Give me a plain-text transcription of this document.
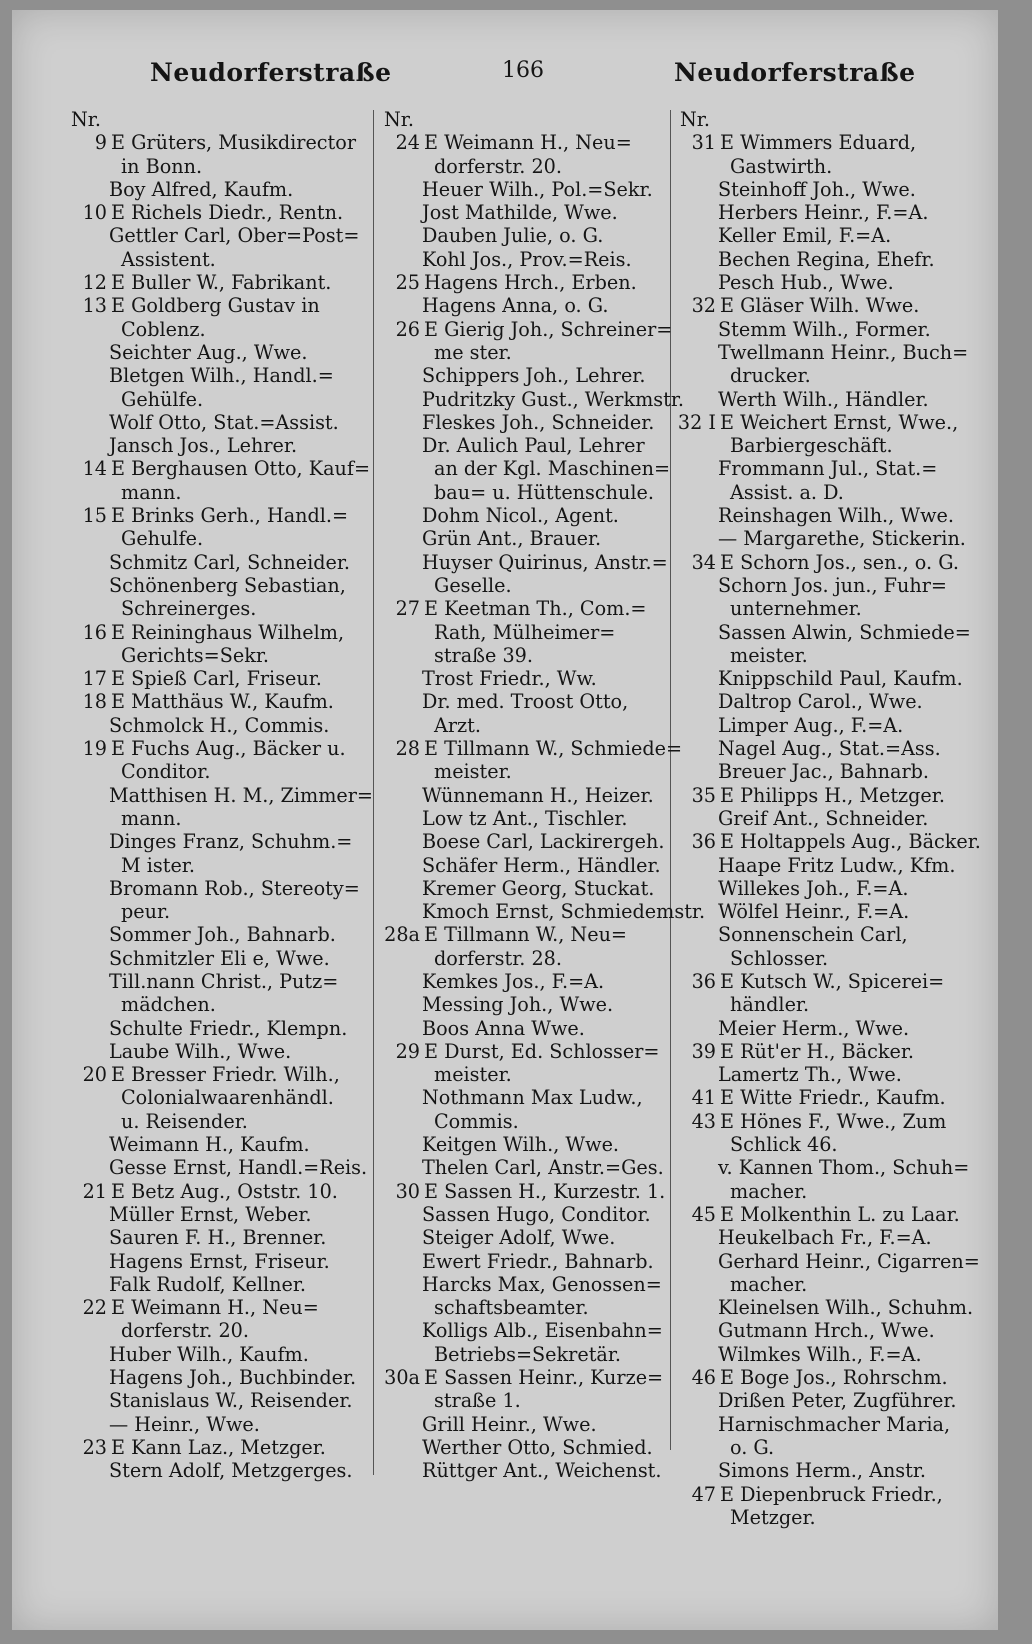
Neudorferstraße	166	Neudorferstraße
Nr.
9 E Grüters, Musikdirector
in Bonn.
Boy Alfred, Kaufm.
10 E Richels Diedr., Rentn.
Gettler Carl, Ober=Post=
Assistent.
12 E Buller W., Fabrikant.
13 E Goldberg Gustav in
Coblenz.
Seichter Aug., Wwe.
Bletgen Wilh., Handl.=
Gehülfe.
Wolf Otto, Stat.=Assist.
Jansch Jos., Lehrer.
14 E Berghausen Otto, Kauf=
mann.
15 E Brinks Gerh., Handl.=
Gehulfe.
Schmitz Carl, Schneider.
Schönenberg Sebastian,
Schreinerges.
16 E Reininghaus Wilhelm,
Gerichts=Sekr.
17 E Spieß Carl, Friseur.
18 E Matthäus W., Kaufm.
Schmolck H., Commis.
19 E Fuchs Aug., Bäcker u.
Conditor.
Matthisen H. M., Zimmer=
mann.
Dinges Franz, Schuhm.=
M ister.
Bromann Rob., Stereoty=
peur.
Sommer Joh., Bahnarb.
Schmitzler Eli e, Wwe.
Till.nann Christ., Putz=
mädchen.
Schulte Friedr., Klempn.
Laube Wilh., Wwe.
20 E Bresser Friedr. Wilh.,
Colonialwaarenhändl.
u. Reisender.
Weimann H., Kaufm.
Gesse Ernst, Handl.=Reis.
21 E Betz Aug., Oststr. 10.
Müller Ernst, Weber.
Sauren F. H., Brenner.
Hagens Ernst, Friseur.
Falk Rudolf, Kellner.
22 E Weimann H., Neu=
dorferstr. 20.
Huber Wilh., Kaufm.
Hagens Joh., Buchbinder.
Stanislaus W., Reisender.
— Heinr., Wwe.
23 E Kann Laz., Metzger.
Stern Adolf, Metzgerges.
Nr.
24 E Weimann H., Neu=
dorferstr. 20.
Heuer Wilh., Pol.=Sekr.
Jost Mathilde, Wwe.
Dauben Julie, o. G.
Kohl Jos., Prov.=Reis.
25 Hagens Hrch., Erben.
Hagens Anna, o. G.
26 E Gierig Joh., Schreiner=
me ster.
Schippers Joh., Lehrer.
Pudritzky Gust., Werkmstr.
Fleskes Joh., Schneider.
Dr. Aulich Paul, Lehrer
an der Kgl. Maschinen=
bau= u. Hüttenschule.
Dohm Nicol., Agent.
Grün Ant., Brauer.
Huyser Quirinus, Anstr.=
Geselle.
27 E Keetman Th., Com.=
Rath, Mülheimer=
straße 39.
Trost Friedr., Ww.
Dr. med. Troost Otto,
Arzt.
28 E Tillmann W., Schmiede=
meister.
Wünnemann H., Heizer.
Low tz Ant., Tischler.
Boese Carl, Lackirergeh.
Schäfer Herm., Händler.
Kremer Georg, Stuckat.
Kmoch Ernst, Schmiedemstr.
28a E Tillmann W., Neu=
dorferstr. 28.
Kemkes Jos., F.=A.
Messing Joh., Wwe.
Boos Anna Wwe.
29 E Durst, Ed. Schlosser=
meister.
Nothmann Max Ludw.,
Commis.
Keitgen Wilh., Wwe.
Thelen Carl, Anstr.=Ges.
30 E Sassen H., Kurzestr. 1.
Sassen Hugo, Conditor.
Steiger Adolf, Wwe.
Ewert Friedr., Bahnarb.
Harcks Max, Genossen=
schaftsbeamter.
Kolligs Alb., Eisenbahn=
Betriebs=Sekretär.
30a E Sassen Heinr., Kurze=
straße 1.
Grill Heinr., Wwe.
Werther Otto, Schmied.
Rüttger Ant., Weichenst.
Nr.
31 E Wimmers Eduard,
Gastwirth.
Steinhoff Joh., Wwe.
Herbers Heinr., F.=A.
Keller Emil, F.=A.
Bechen Regina, Ehefr.
Pesch Hub., Wwe.
32 E Gläser Wilh. Wwe.
Stemm Wilh., Former.
Twellmann Heinr., Buch=
drucker.
Werth Wilh., Händler.
32 I E Weichert Ernst, Wwe.,
Barbiergeschäft.
Frommann Jul., Stat.=
Assist. a. D.
Reinshagen Wilh., Wwe.
— Margarethe, Stickerin.
34 E Schorn Jos., sen., o. G.
Schorn Jos. jun., Fuhr=
unternehmer.
Sassen Alwin, Schmiede=
meister.
Knippschild Paul, Kaufm.
Daltrop Carol., Wwe.
Limper Aug., F.=A.
Nagel Aug., Stat.=Ass.
Breuer Jac., Bahnarb.
35 E Philipps H., Metzger.
Greif Ant., Schneider.
36 E Holtappels Aug., Bäcker.
Haape Fritz Ludw., Kfm.
Willekes Joh., F.=A.
Wölfel Heinr., F.=A.
Sonnenschein Carl,
Schlosser.
36 E Kutsch W., Spicerei=
händler.
Meier Herm., Wwe.
39 E Rüt'er H., Bäcker.
Lamertz Th., Wwe.
41 E Witte Friedr., Kaufm.
43 E Hönes F., Wwe., Zum
Schlick 46.
v. Kannen Thom., Schuh=
macher.
45 E Molkenthin L. zu Laar.
Heukelbach Fr., F.=A.
Gerhard Heinr., Cigarren=
macher.
Kleinelsen Wilh., Schuhm.
Gutmann Hrch., Wwe.
Wilmkes Wilh., F.=A.
46 E Boge Jos., Rohrschm.
Drißen Peter, Zugführer.
Harnischmacher Maria,
o. G.
Simons Herm., Anstr.
47 E Diepenbruck Friedr.,
Metzger.
